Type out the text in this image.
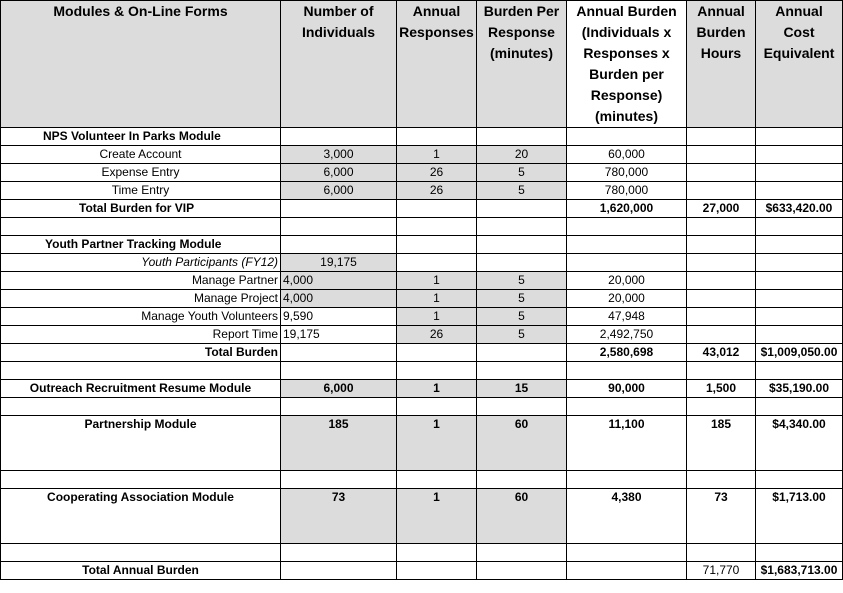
Modules & On-Line Forms	Number of Individuals	Annual Responses	Burden Per Response (minutes)	Annual Burden (Individuals x Responses x Burden per Response) (minutes)	Annual Burden Hours	Annual Cost Equivalent
NPS Volunteer In Parks Module						
Create Account	3,000	1	20	60,000		
Expense Entry	6,000	26	5	780,000		
Time Entry	6,000	26	5	780,000		
Total Burden for VIP				1,620,000	27,000	$633,420.00

Youth Partner Tracking Module						
Youth Participants (FY12)	19,175					
Manage Partner	4,000	1	5	20,000		
Manage Project	4,000	1	5	20,000		
Manage Youth Volunteers	9,590	1	5	47,948		
Report Time	19,175	26	5	2,492,750		
Total Burden				2,580,698	43,012	$1,009,050.00

Outreach Recruitment Resume Module	6,000	1	15	90,000	1,500	$35,190.00

Partnership Module	185	1	60	11,100	185	$4,340.00

Cooperating Association Module	73	1	60	4,380	73	$1,713.00

Total Annual Burden					71,770	$1,683,713.00
